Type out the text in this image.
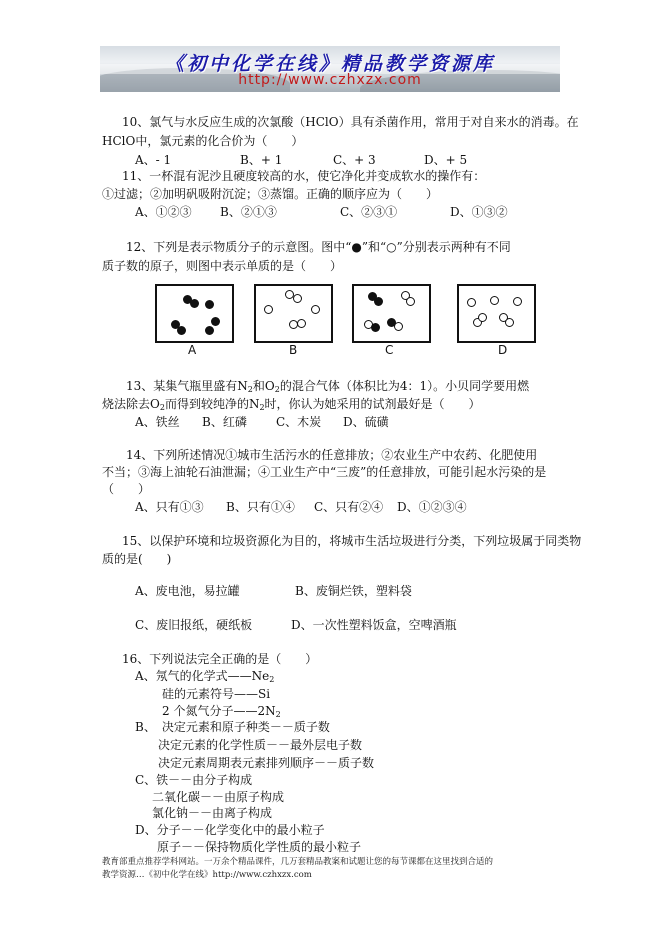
《初中化学在线》精品教学资源库
http://www.czhxzx.com
10、氯气与水反应生成的次氯酸（HClO）具有杀菌作用，常用于对自来水的消毒。在
HClO中，氯元素的化合价为（　　）
A、- 1	B、+ 1	C、+ 3	D、+ 5
11、一杯混有泥沙且硬度较高的水，使它净化并变成软水的操作有：
①过滤；②加明矾吸附沉淀；③蒸馏。正确的顺序应为（　　）
A、①②③ B、②①③	C、②③①	D、①③②
12、下列是表示物质分子的示意图。图中“●”和“○”分别表示两种有不同
质子数的原子，则图中表示单质的是（　　）
A	B	C	D
13、某集气瓶里盛有$N_2$和$O_2$的混合气体（体积比为4：1）。小贝同学要用燃
烧法除去$O_2$而得到较纯净的$N_2$时，你认为她采用的试剂最好是（　　）
A、铁丝 B、红磷 C、木炭 D、硫磺
14、下列所述情况①城市生活污水的任意排放；②农业生产中农药、化肥使用
不当；③海上油轮石油泄漏；④工业生产中“三废”的任意排放，可能引起水污染的是
（　　）
A、只有①③ B、只有①④ C、只有②④ D、①②③④
15、以保护环境和垃圾资源化为目的，将城市生活垃圾进行分类，下列垃圾属于同类物
质的是(　　)
A、废电池，易拉罐	B、废铜烂铁，塑料袋
C、废旧报纸，硬纸板	D、一次性塑料饭盒，空啤酒瓶
16、下列说法完全正确的是（　　）
A、氖气的化学式$——Ne_2$
硅的元素符号——Si
2 个氮气分子$——2N_2$
B、　决定元素和原子种类－－质子数
决定元素的化学性质－－最外层电子数
决定元素周期表元素排列顺序－－质子数
C、铁－－由分子构成
二氧化碳－－由原子构成
氯化钠－－由离子构成
D、分子－－化学变化中的最小粒子
原子－－保持物质化学性质的最小粒子
教育部重点推荐学科网站。一万余个精品课件，几万套精品教案和试题让您的每节课都在这里找到合适的
教学资源…《初中化学在线》http://www.czhxzx.com
